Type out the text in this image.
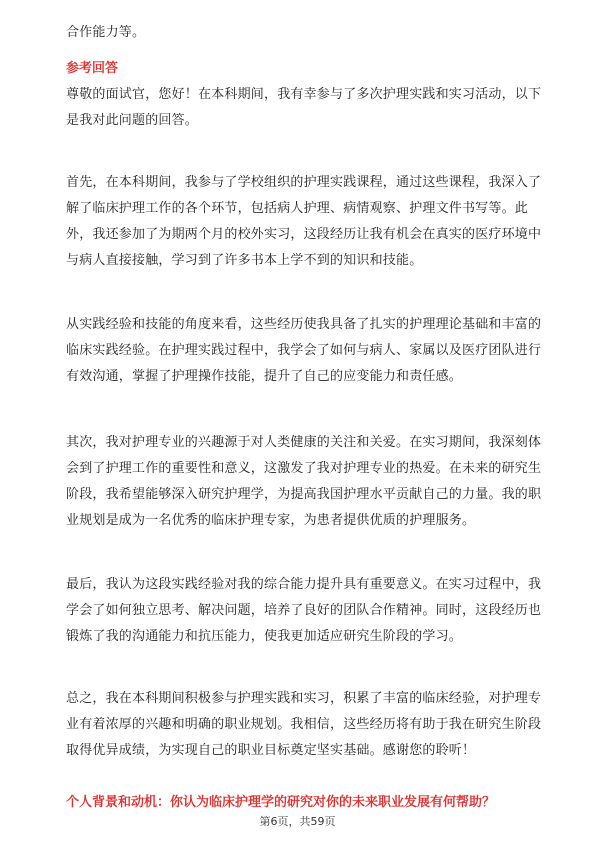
合作能力等。
参考回答
尊敬的面试官，您好！在本科期间，我有幸参与了多次护理实践和实习活动，以下
是我对此问题的回答。
首先，在本科期间，我参与了学校组织的护理实践课程，通过这些课程，我深入了
解了临床护理工作的各个环节，包括病人护理、病情观察、护理文件书写等。此
外，我还参加了为期两个月的校外实习，这段经历让我有机会在真实的医疗环境中
与病人直接接触，学习到了许多书本上学不到的知识和技能。
从实践经验和技能的角度来看，这些经历使我具备了扎实的护理理论基础和丰富的
临床实践经验。在护理实践过程中，我学会了如何与病人、家属以及医疗团队进行
有效沟通，掌握了护理操作技能，提升了自己的应变能力和责任感。
其次，我对护理专业的兴趣源于对人类健康的关注和关爱。在实习期间，我深刻体
会到了护理工作的重要性和意义，这激发了我对护理专业的热爱。在未来的研究生
阶段，我希望能够深入研究护理学，为提高我国护理水平贡献自己的力量。我的职
业规划是成为一名优秀的临床护理专家，为患者提供优质的护理服务。
最后，我认为这段实践经验对我的综合能力提升具有重要意义。在实习过程中，我
学会了如何独立思考、解决问题，培养了良好的团队合作精神。同时，这段经历也
锻炼了我的沟通能力和抗压能力，使我更加适应研究生阶段的学习。
总之，我在本科期间积极参与护理实践和实习，积累了丰富的临床经验，对护理专
业有着浓厚的兴趣和明确的职业规划。我相信，这些经历将有助于我在研究生阶段
取得优异成绩，为实现自己的职业目标奠定坚实基础。感谢您的聆听！
个人背景和动机：你认为临床护理学的研究对你的未来职业发展有何帮助？
第6页，共59页
